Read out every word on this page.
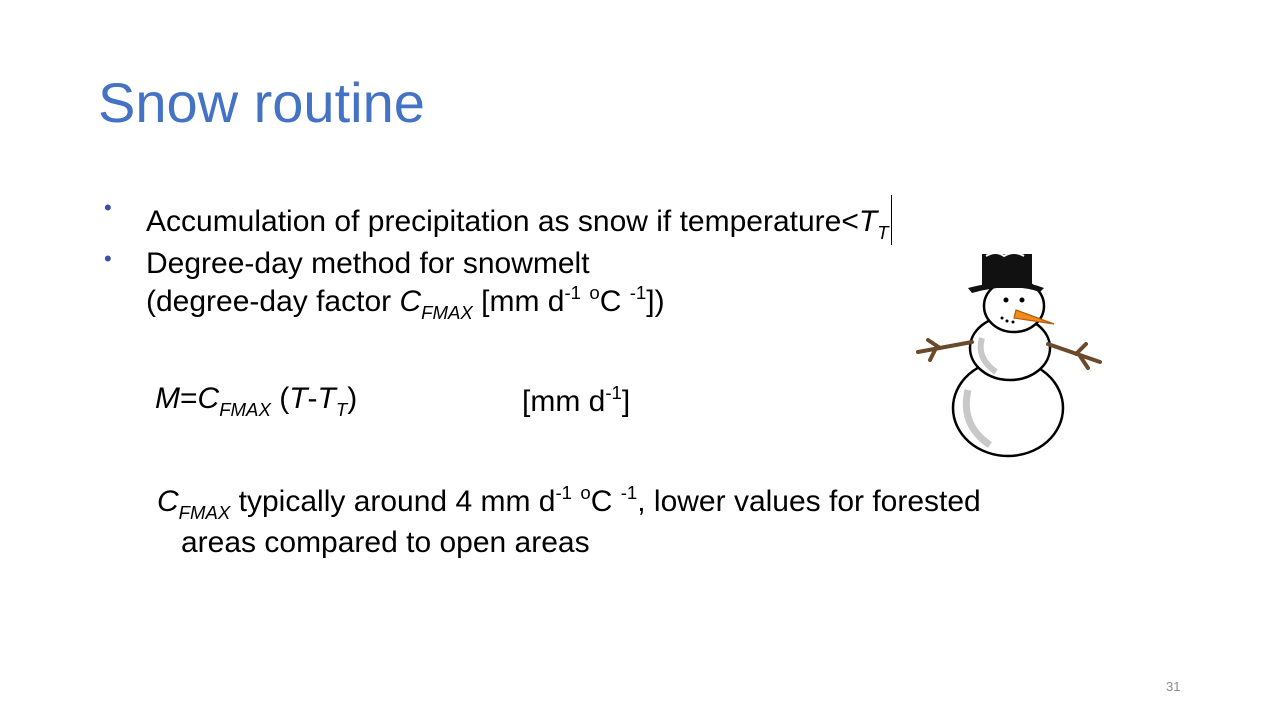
Snow routine
• Accumulation of precipitation as snow if $temperature<T_T$
• Degree-day method for snowmelt
(degree-day factor $C_{FMAX}$ [mm $d^{-1}$ $^o$C $^{-1}$])
$M=C_{FMAX}$ $(T-T_T)$	[mm $d^{-1}$]
$C_{FMAX}$ typically around 4 mm $d^{-1}$ $^o$C $^{-1}$, lower values for forested
areas compared to open areas
31
